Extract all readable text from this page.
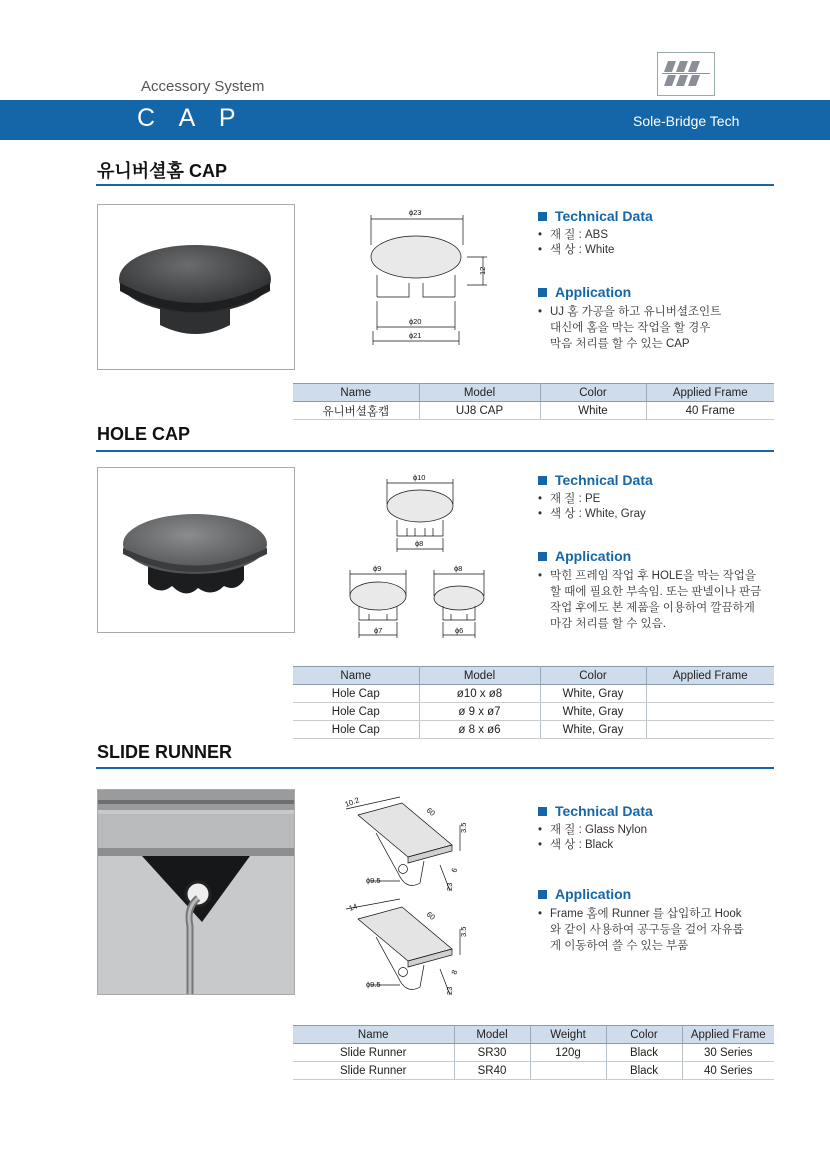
Accessory System
C A P	Sole-Bridge Tech
유니버셜홈 CAP
ɸ23
12
ɸ20
ɸ21
Technical Data
• 재 질 : ABS
• 색 상 : White
Application
• UJ 홈 가공을 하고 유니버셜조인트
대신에 홈을 막는 작업을 할 경우
막음 처리를 할 수 있는 CAP
Name	Model	Color	Applied Frame
유니버셜홈캡	UJ8 CAP	White	40 Frame
HOLE CAP
ɸ10
ɸ8
ɸ9
ɸ7
ɸ8
ɸ6
Technical Data
• 재 질 : PE
• 색 상 : White, Gray
Application
• 막힌 프레임 작업 후 HOLE을 막는 작업을
할 때에 필요한 부속임. 또는 판넬이나 판금
작업 후에도 본 제품을 이용하여 깔끔하게
마감 처리를 할 수 있음.
Name	Model	Color	Applied Frame
Hole Cap	ø10 x ø8	White, Gray	
Hole Cap	ø 9 x ø7	White, Gray	
Hole Cap	ø 8 x ø6	White, Gray	
SLIDE RUNNER
10.2
60
3.5
6
23
ɸ9.5
14
60
3.5
8
23
ɸ9.5
Technical Data
• 재 질 : Glass Nylon
• 색 상 : Black
Application
• Frame 홈에 Runner 를 삽입하고 Hook
와 같이 사용하여 공구등을 걸어 자유롭
게 이동하여 쓸 수 있는 부품
Name	Model	Weight	Color	Applied Frame
Slide Runner	SR30	120g	Black	30 Series
Slide Runner	SR40		Black	40 Series
